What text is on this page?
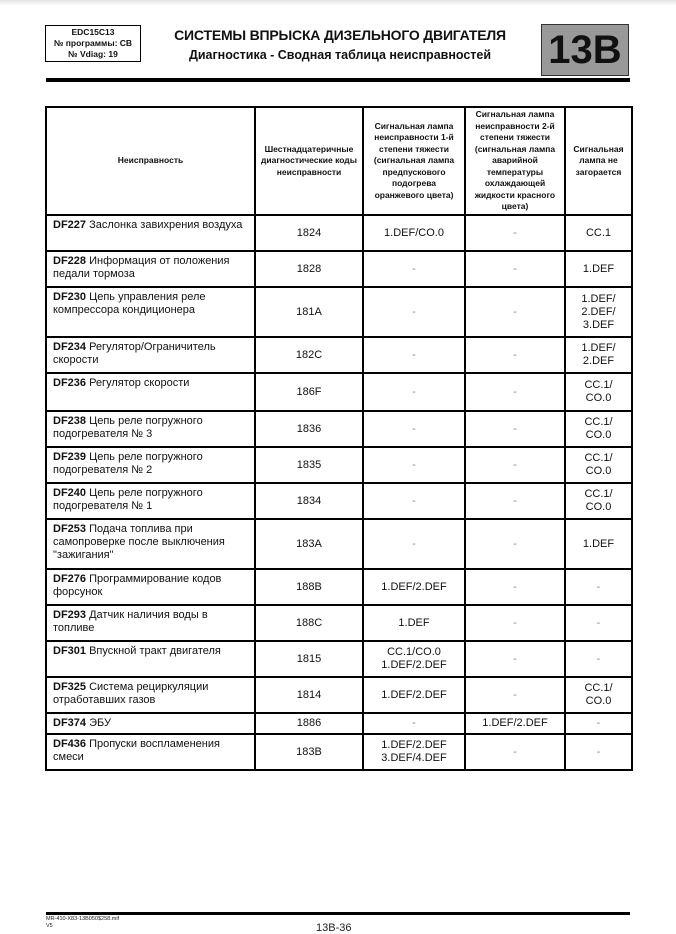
EDC15C13
№ программы: CB
№ Vdiag: 19
СИСТЕМЫ ВПРЫСКА ДИЗЕЛЬНОГО ДВИГАТЕЛЯ
Диагностика - Сводная таблица неисправностей	13B
Неисправность	Шестнадцатеричные диагностические коды неисправности	Сигнальная лампа неисправности 1-й степени тяжести (сигнальная лампа предпускового подогрева оранжевого цвета)	Сигнальная лампа неисправности 2-й степени тяжести (сигнальная лампа аварийной температуры охлаждающей жидкости красного цвета)	Сигнальная лампа не загорается
DF227 Заслонка завихрения воздуха	1824	1.DEF/CO.0	-	CC.1
DF228 Информация от положения педали тормоза	1828	-	-	1.DEF
DF230 Цепь управления реле компрессора кондиционера	181A	-	-	1.DEF/
2.DEF/
3.DEF
DF234 Регулятор/Ограничитель скорости	182C	-	-	1.DEF/
2.DEF
DF236 Регулятор скорости	186F	-	-	CC.1/
CO.0
DF238 Цепь реле погружного подогревателя № 3	1836	-	-	CC.1/
CO.0
DF239 Цепь реле погружного подогревателя № 2	1835	-	-	CC.1/
CO.0
DF240 Цепь реле погружного подогревателя № 1	1834	-	-	CC.1/
CO.0
DF253 Подача топлива при самопроверке после выключения "зажигания"	183A	-	-	1.DEF
DF276 Программирование кодов форсунок	188B	1.DEF/2.DEF	-	-
DF293 Датчик наличия воды в топливе	188C	1.DEF	-	-
DF301 Впускной тракт двигателя	1815	CC.1/CO.0
1.DEF/2.DEF	-	-
DF325 Система рециркуляции отработавших газов	1814	1.DEF/2.DEF	-	CC.1/
CO.0
DF374 ЭБУ	1886	-	1.DEF/2.DEF	-
DF436 Пропуски воспламенения смеси	183B	1.DEF/2.DEF
3.DEF/4.DEF	-	-
MR-410-X83-13B050$258.mif
V5	13B-36
